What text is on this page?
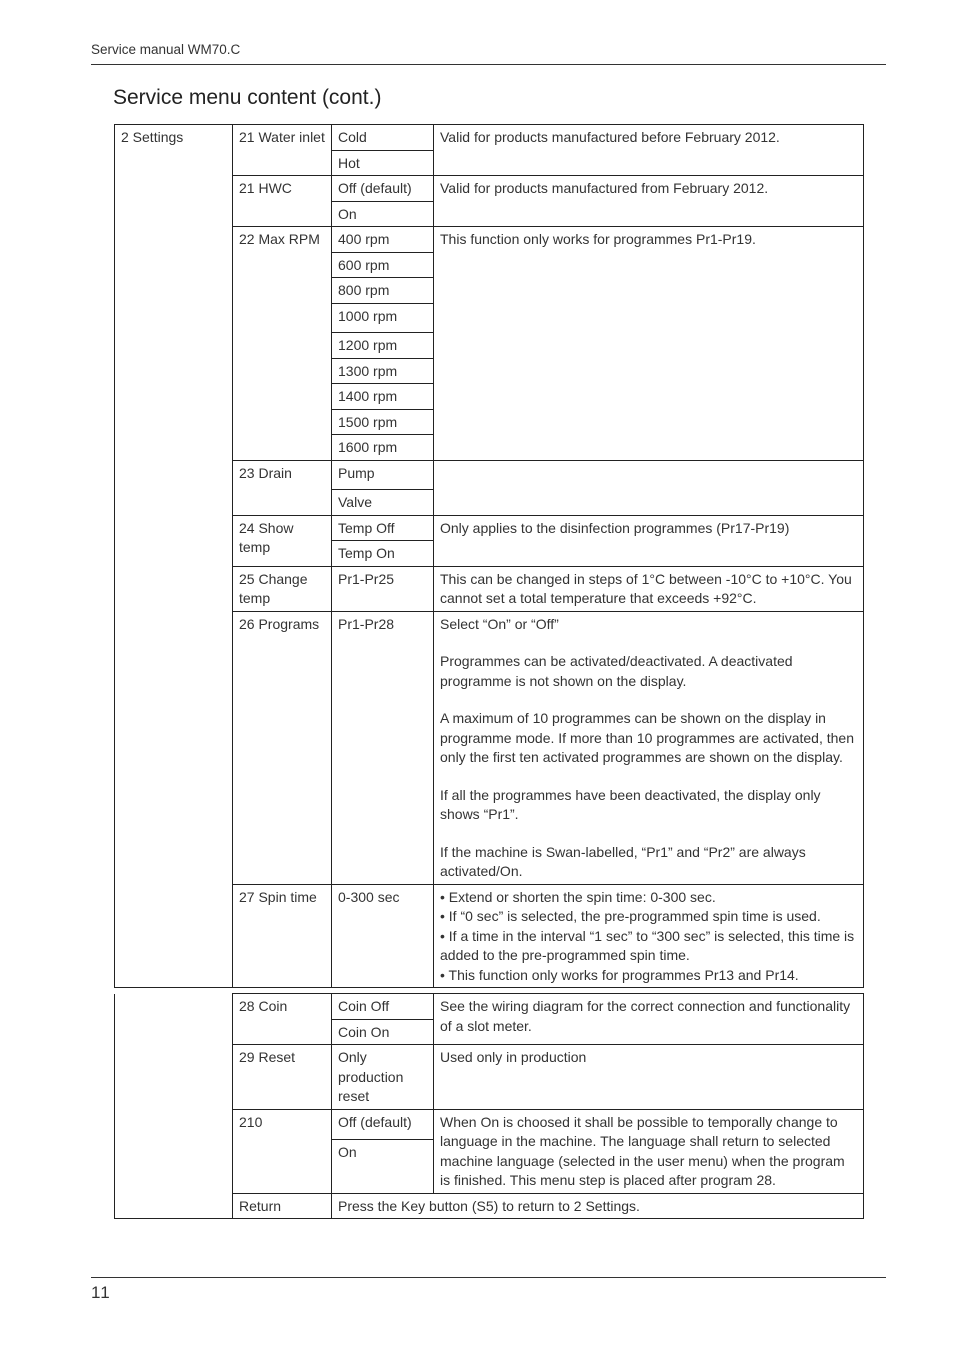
Service manual WM70.C
Service menu content (cont.)
2 Settings	21 Water inlet	Cold	Valid for products manufactured before February 2012.
		Hot	
	21 HWC	Off (default)	Valid for products manufactured from February 2012.
		On	
	22 Max RPM	400 rpm	This function only works for programmes Pr1-Pr19.
		600 rpm	
		800 rpm	
		1000 rpm	
		1200 rpm	
		1300 rpm	
		1400 rpm	
		1500 rpm	
		1600 rpm	
	23 Drain	Pump	
		Valve	
	24 Show temp	Temp Off	Only applies to the disinfection programmes (Pr17-Pr19)
		Temp On	
	25 Change temp	Pr1-Pr25	This can be changed in steps of 1°C between -10°C to +10°C. You cannot set a total temperature that exceeds +92°C.
	26 Programs	Pr1-Pr28	Select “On” or “Off”

Programmes can be activated/deactivated. A deactivated programme is not shown on the display.

A maximum of 10 programmes can be shown on the display in programme mode. If more than 10 programmes are activated, then only the first ten activated programmes are shown on the display.

If all the programmes have been deactivated, the display only shows “Pr1”.

If the machine is Swan-labelled, “Pr1” and “Pr2” are always activated/On.

	27 Spin time	0-300 sec	• Extend or shorten the spin time: 0-300 sec.
• If “0 sec” is selected, the pre-programmed spin time is used.
• If a time in the interval “1 sec” to “300 sec” is selected, this time is added to the pre-programmed spin time.
• This function only works for programmes Pr13 and Pr14.
	28 Coin	Coin Off	See the wiring diagram for the correct connection and functionality of a slot meter.
		Coin On	
	29 Reset	Only production reset	Used only in production
	210	Off (default)	When On is choosed it shall be possible to temporally change to language in the machine. The language shall return to selected machine language (selected in the user menu) when the program is finished. This menu step is placed after program 28.
		On	
	Return	Press the Key button (S5) to return to 2 Settings.	
11
